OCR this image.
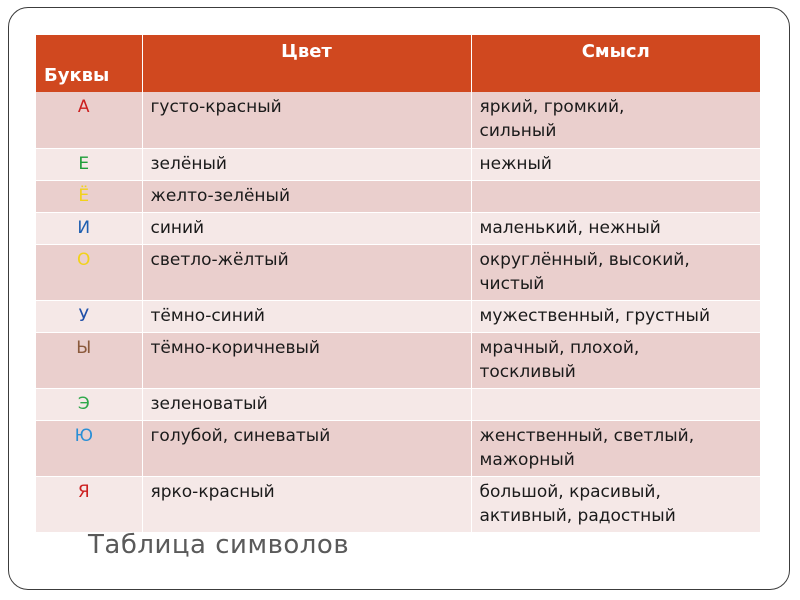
Буквы	Цвет	Смысл

А	густо-красный	яркий, громкий,
сильный
Е	зелёный	нежный
Ё	желто-зелёный	
И	синий	маленький, нежный
О	светло-жёлтый	округлённый, высокий,
чистый
У	тёмно-синий	мужественный, грустный
Ы	тёмно-коричневый	мрачный, плохой,
тоскливый
Э	зеленоватый	
Ю	голубой, синеватый	женственный, светлый,
мажорный
Я	ярко-красный	большой, красивый,
активный, радостный
Таблица символов
